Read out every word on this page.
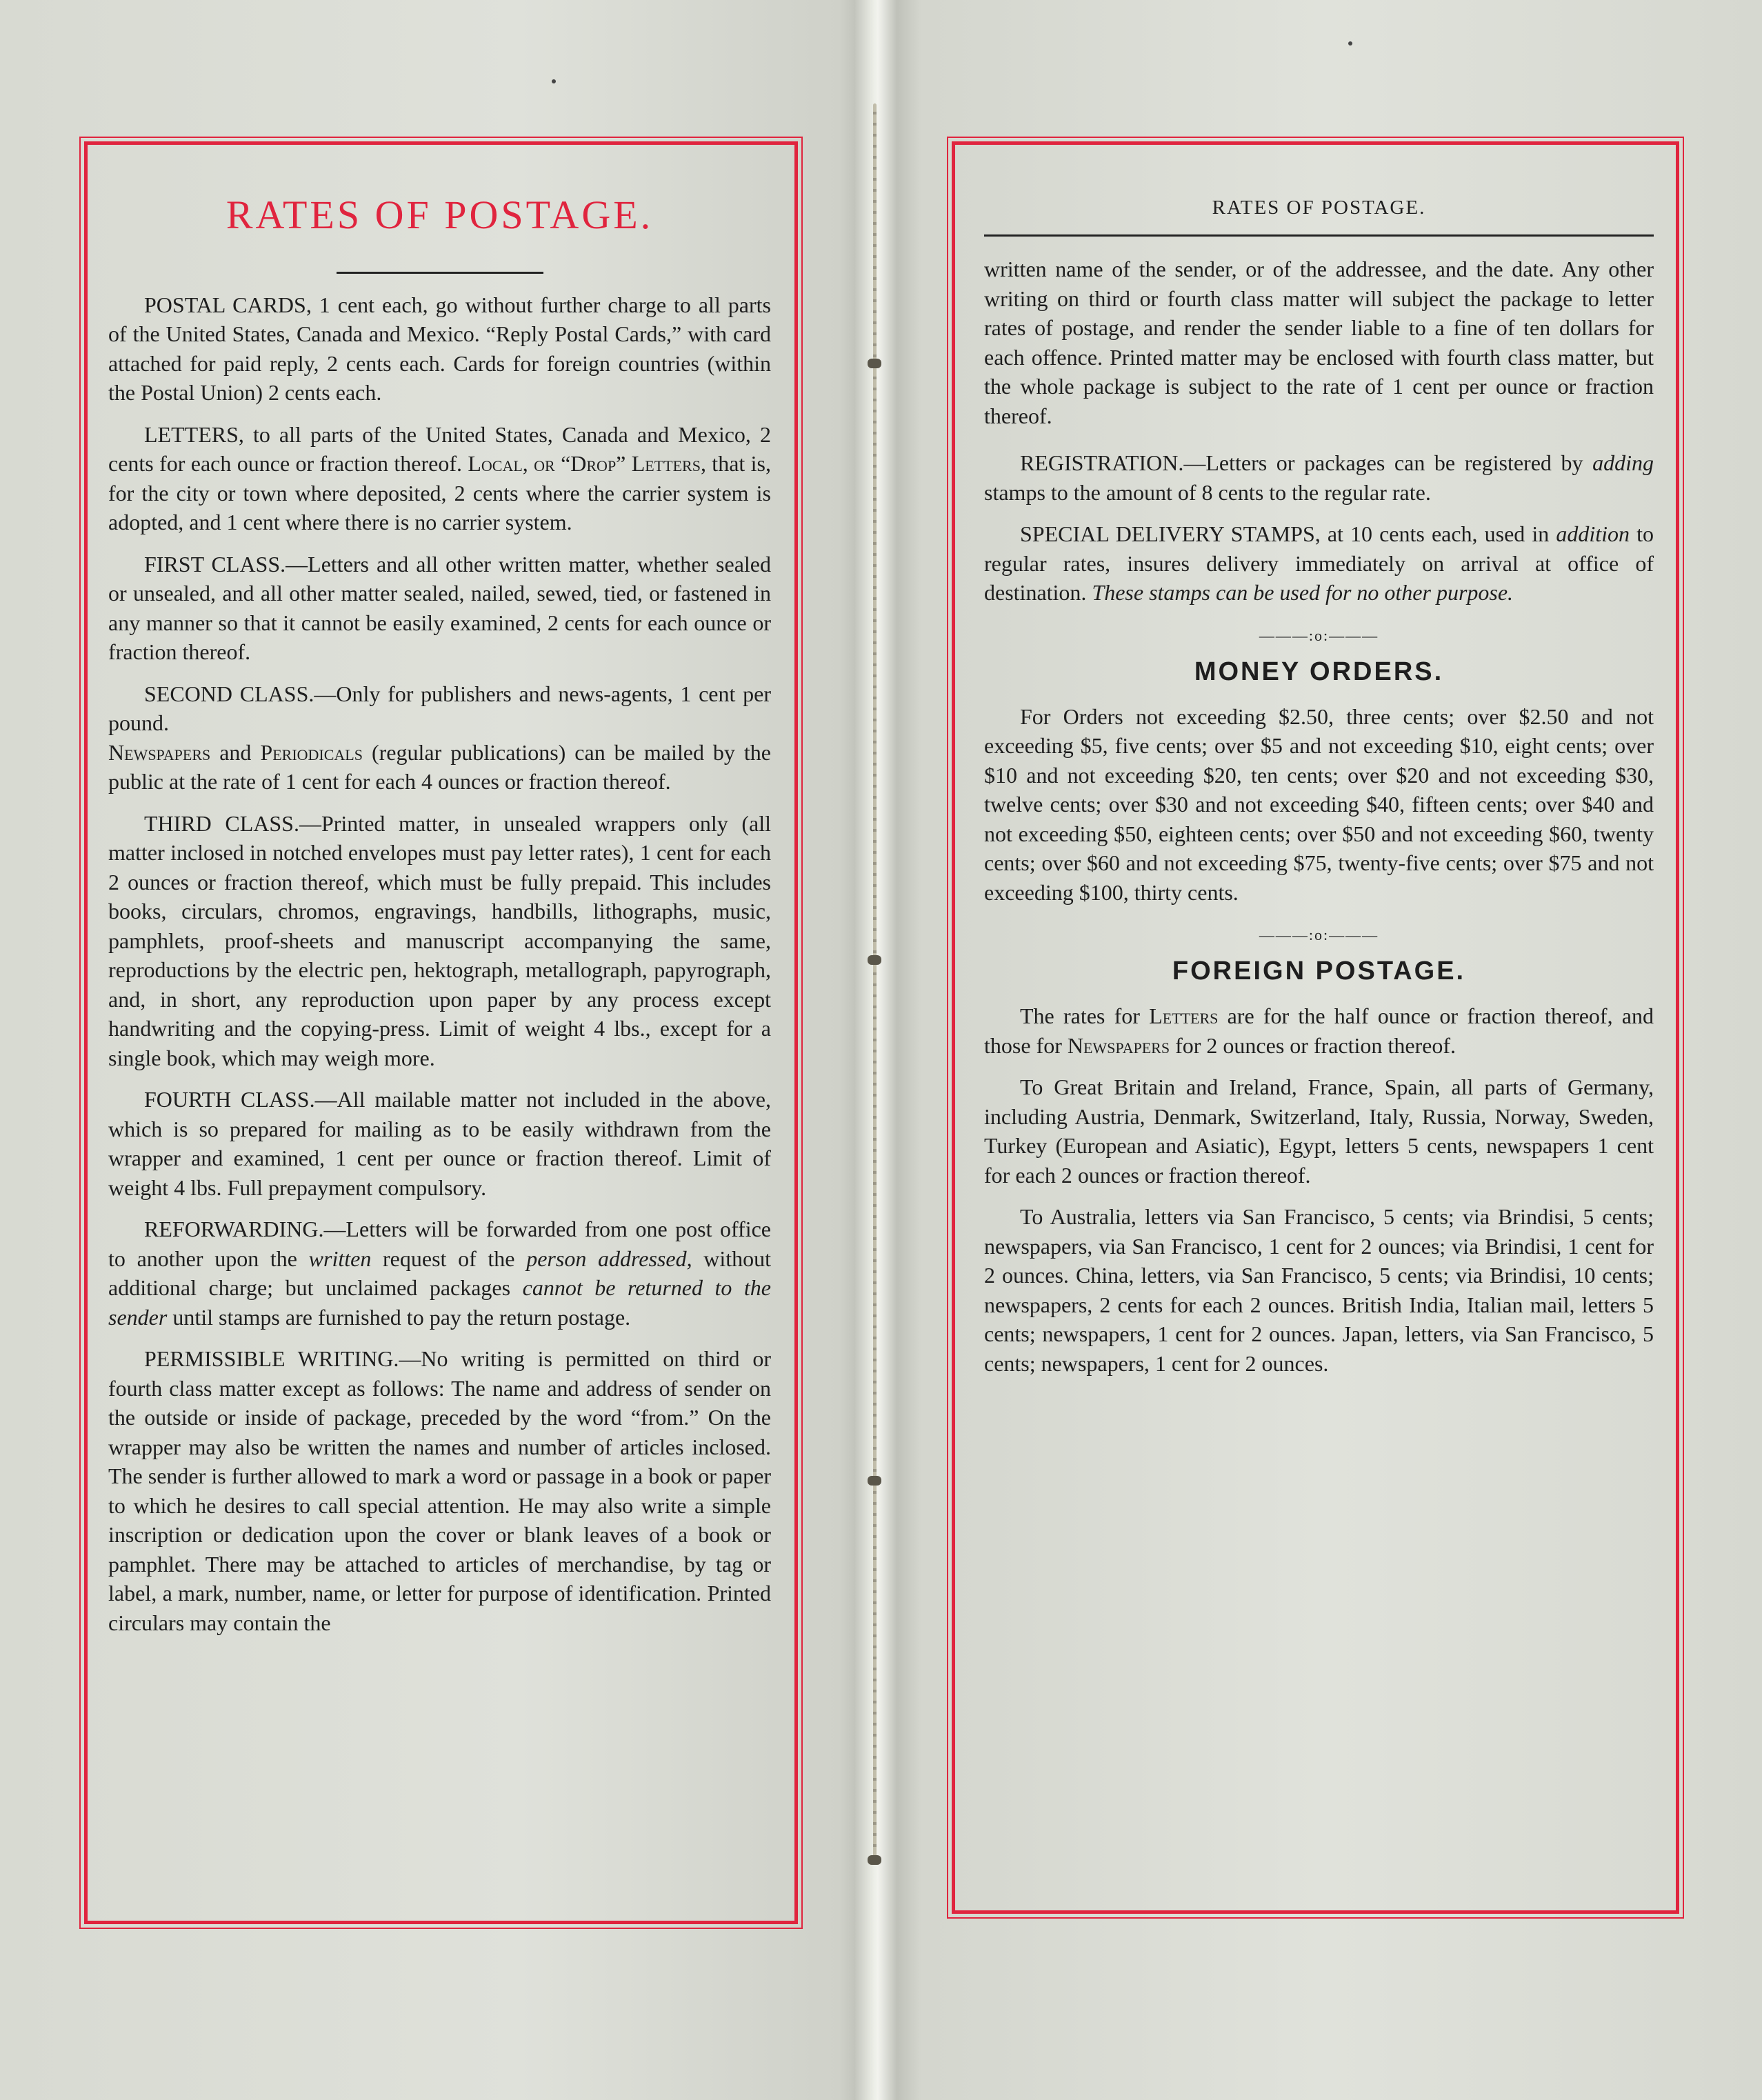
RATES OF POSTAGE.

POSTAL CARDS, 1 cent each, go without further charge to all parts of the United States, Canada and Mexico. “Reply Postal Cards,” with card attached for paid reply, 2 cents each. Cards for foreign countries (within the Postal Union) 2 cents each.

LETTERS, to all parts of the United States, Canada and Mexico, 2 cents for each ounce or fraction thereof. Local, or “Drop” Letters, that is, for the city or town where deposited, 2 cents where the carrier system is adopted, and 1 cent where there is no carrier system.

FIRST CLASS.—Letters and all other written matter, whether sealed or unsealed, and all other matter sealed, nailed, sewed, tied, or fastened in any manner so that it cannot be easily examined, 2 cents for each ounce or fraction thereof.

SECOND CLASS.—Only for publishers and news-agents, 1 cent per pound.

Newspapers and Periodicals (regular publications) can be mailed by the public at the rate of 1 cent for each 4 ounces or fraction thereof.

THIRD CLASS.—Printed matter, in unsealed wrappers only (all matter inclosed in notched envelopes must pay letter rates), 1 cent for each 2 ounces or fraction thereof, which must be fully prepaid. This includes books, circulars, chromos, engravings, handbills, lithographs, music, pamphlets, proof-sheets and manuscript accompanying the same, reproductions by the electric pen, hektograph, metallograph, papyrograph, and, in short, any reproduction upon paper by any process except handwriting and the copying-press. Limit of weight 4 lbs., except for a single book, which may weigh more.

FOURTH CLASS.—All mailable matter not included in the above, which is so prepared for mailing as to be easily withdrawn from the wrapper and examined, 1 cent per ounce or fraction thereof. Limit of weight 4 lbs. Full prepayment compulsory.

REFORWARDING.—Letters will be forwarded from one post office to another upon the written request of the person addressed, without additional charge; but unclaimed packages cannot be returned to the sender until stamps are furnished to pay the return postage.

PERMISSIBLE WRITING.—No writing is permitted on third or fourth class matter except as follows: The name and address of sender on the outside or inside of package, preceded by the word “from.” On the wrapper may also be written the names and number of articles inclosed. The sender is further allowed to mark a word or passage in a book or paper to which he desires to call special attention. He may also write a simple inscription or dedication upon the cover or blank leaves of a book or pamphlet. There may be attached to articles of merchandise, by tag or label, a mark, number, name, or letter for purpose of identification. Printed circulars may contain the

RATES OF POSTAGE.

written name of the sender, or of the addressee, and the date. Any other writing on third or fourth class matter will subject the package to letter rates of postage, and render the sender liable to a fine of ten dollars for each offence. Printed matter may be enclosed with fourth class matter, but the whole package is subject to the rate of 1 cent per ounce or fraction thereof.

REGISTRATION.—Letters or packages can be registered by adding stamps to the amount of 8 cents to the regular rate.

SPECIAL DELIVERY STAMPS, at 10 cents each, used in addition to regular rates, insures delivery immediately on arrival at office of destination. These stamps can be used for no other purpose.

———:o:———
MONEY ORDERS.

For Orders not exceeding $2.50, three cents; over $2.50 and not exceeding $5, five cents; over $5 and not exceeding $10, eight cents; over $10 and not exceeding $20, ten cents; over $20 and not exceeding $30, twelve cents; over $30 and not exceeding $40, fifteen cents; over $40 and not exceeding $50, eighteen cents; over $50 and not exceeding $60, twenty cents; over $60 and not exceeding $75, twenty-five cents; over $75 and not exceeding $100, thirty cents.

———:o:———
FOREIGN POSTAGE.

The rates for Letters are for the half ounce or fraction thereof, and those for Newspapers for 2 ounces or fraction thereof.

To Great Britain and Ireland, France, Spain, all parts of Germany, including Austria, Denmark, Switzerland, Italy, Russia, Norway, Sweden, Turkey (European and Asiatic), Egypt, letters 5 cents, newspapers 1 cent for each 2 ounces or fraction thereof.

To Australia, letters via San Francisco, 5 cents; via Brindisi, 5 cents; newspapers, via San Francisco, 1 cent for 2 ounces; via Brindisi, 1 cent for 2 ounces. China, letters, via San Francisco, 5 cents; via Brindisi, 10 cents; newspapers, 2 cents for each 2 ounces. British India, Italian mail, letters 5 cents; newspapers, 1 cent for 2 ounces. Japan, letters, via San Francisco, 5 cents; newspapers, 1 cent for 2 ounces.
